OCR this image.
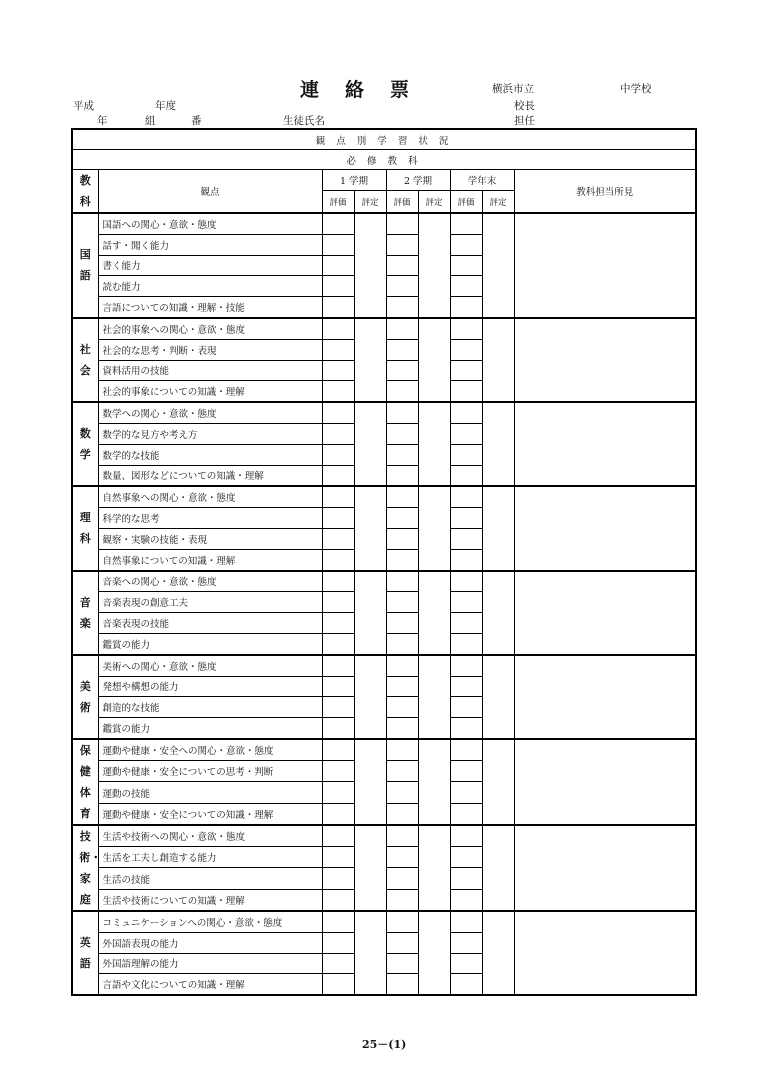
連 絡 票	横浜市立	中学校
平成	年度	校長
年	組	番	生徒氏名	担任
観 点 別 学 習 状 況								
必 修 教 科								
教科	観点	1 学期		2 学期		学年末		教科担当所見
		評価	評定	評価	評定	評価	評定	
国語	国語への関心・意欲・態度							
	話す・聞く能力							
	書く能力							
	読む能力							
	言語についての知識・理解・技能							
社会	社会的事象への関心・意欲・態度							
	社会的な思考・判断・表現							
	資料活用の技能							
	社会的事象についての知識・理解							
数学	数学への関心・意欲・態度							
	数学的な見方や考え方							
	数学的な技能							
	数量、図形などについての知識・理解							
理科	自然事象への関心・意欲・態度							
	科学的な思考							
	観察・実験の技能・表現							
	自然事象についての知識・理解							
音楽	音楽への関心・意欲・態度							
	音楽表現の創意工夫							
	音楽表現の技能							
	鑑賞の能力							
美術	美術への関心・意欲・態度							
	発想や構想の能力							
	創造的な技能							
	鑑賞の能力							
保健体育	運動や健康・安全への関心・意欲・態度							
	運動や健康・安全についての思考・判断							
	運動の技能							
	運動や健康・安全についての知識・理解							
技術・家庭	生活や技術への関心・意欲・態度							
	生活を工夫し創造する能力							
	生活の技能							
	生活や技術についての知識・理解							
英語	コミュニケーションへの関心・意欲・態度							
	外国語表現の能力							
	外国語理解の能力							
	言語や文化についての知識・理解							
25－(1)
